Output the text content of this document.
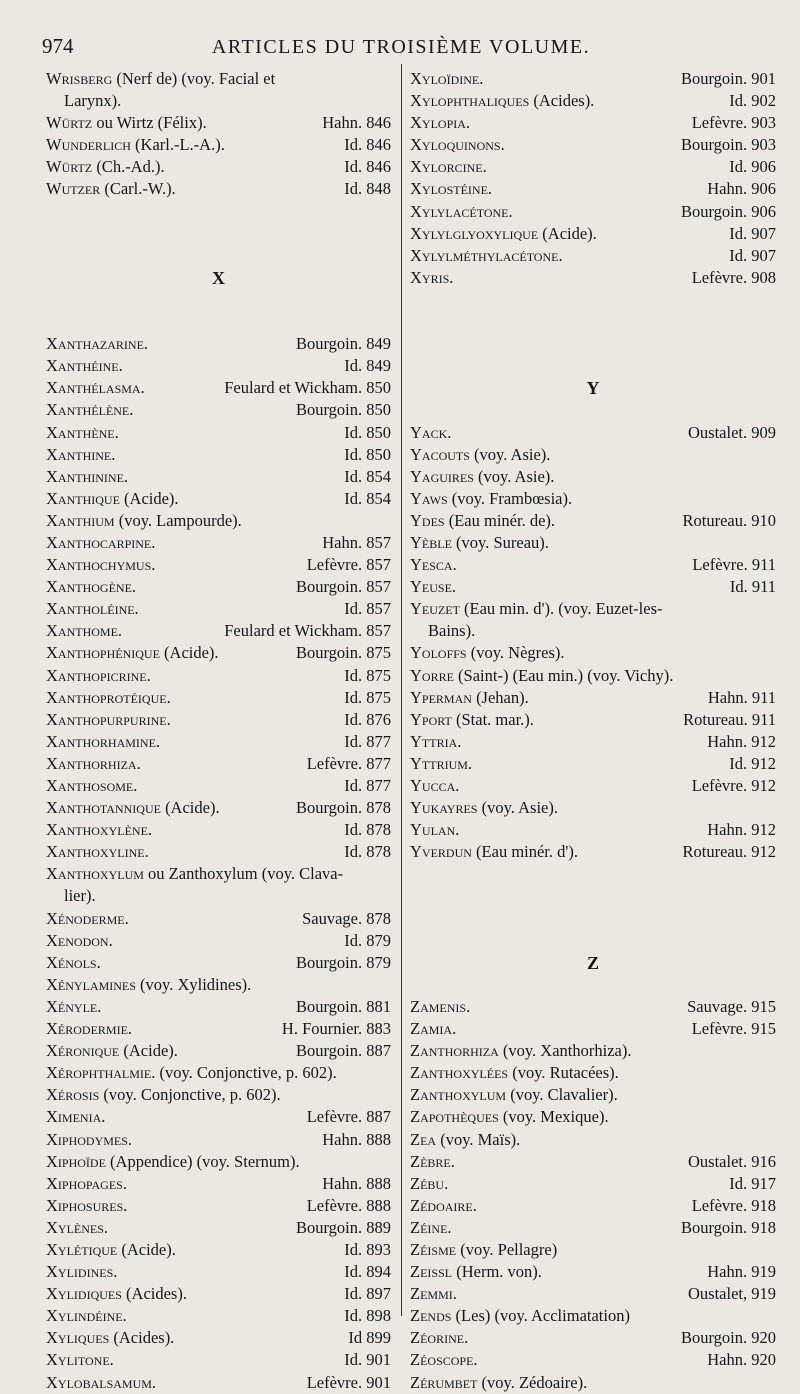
974	ARTICLES DU TROISIÈME VOLUME.
Wrisberg (Nerf de) (voy. Facial et
Larynx).
Würtz ou Wirtz (Félix).	Hahn. 846
Wunderlich (Karl.-L.-A.).	Id. 846
Würtz (Ch.-Ad.).	Id. 846
Wutzer (Carl.-W.).	Id. 848
X
Xanthazarine.	Bourgoin. 849
Xanthéine.	Id. 849
Xanthélasma.	Feulard et Wickham. 850
Xanthélène.	Bourgoin. 850
Xanthène.	Id. 850
Xanthine.	Id. 850
Xanthinine.	Id. 854
Xanthique (Acide).	Id. 854
Xanthium (voy. Lampourde).
Xanthocarpine.	Hahn. 857
Xanthochymus.	Lefèvre. 857
Xanthogène.	Bourgoin. 857
Xantholéine.	Id. 857
Xanthome.	Feulard et Wickham. 857
Xanthophénique (Acide).	Bourgoin. 875
Xanthopicrine.	Id. 875
Xanthoprotéique.	Id. 875
Xanthopurpurine.	Id. 876
Xanthorhamine.	Id. 877
Xanthorhiza.	Lefèvre. 877
Xanthosome.	Id. 877
Xanthotannique (Acide).	Bourgoin. 878
Xanthoxylène.	Id. 878
Xanthoxyline.	Id. 878
Xanthoxylum ou Zanthoxylum (voy. Clava-
lier).
Xénoderme.	Sauvage. 878
Xenodon.	Id. 879
Xénols.	Bourgoin. 879
Xénylamines (voy. Xylidines).
Xényle.	Bourgoin. 881
Xérodermie.	H. Fournier. 883
Xéronique (Acide).	Bourgoin. 887
Xérophthalmie. (voy. Conjonctive, p. 602).
Xérosis (voy. Conjonctive, p. 602).
Ximenia.	Lefèvre. 887
Xiphodymes.	Hahn. 888
Xiphoïde (Appendice) (voy. Sternum).
Xiphopages.	Hahn. 888
Xiphosures.	Lefèvre. 888
Xylènes.	Bourgoin. 889
Xylétique (Acide).	Id. 893
Xylidines.	Id. 894
Xylidiques (Acides).	Id. 897
Xylindéine.	Id. 898
Xyliques (Acides).	Id 899
Xylitone.	Id. 901
Xylobalsamum.	Lefèvre. 901
Xyloïdine.	Bourgoin. 901
Xylophthaliques (Acides).	Id. 902
Xylopia.	Lefèvre. 903
Xyloquinons.	Bourgoin. 903
Xylorcine.	Id. 906
Xylostéine.	Hahn. 906
Xylylacétone.	Bourgoin. 906
Xylylglyoxylique (Acide).	Id. 907
Xylylméthylacétone.	Id. 907
Xyris.	Lefèvre. 908
Y
Yack.	Oustalet. 909
Yacouts (voy. Asie).
Yaguires (voy. Asie).
Yaws (voy. Frambœsia).
Ydes (Eau minér. de).	Rotureau. 910
Yèble (voy. Sureau).
Yesca.	Lefèvre. 911
Yeuse.	Id. 911
Yeuzet (Eau min. d'). (voy. Euzet-les-
Bains).
Yoloffs (voy. Nègres).
Yorre (Saint-) (Eau min.) (voy. Vichy).
Yperman (Jehan).	Hahn. 911
Yport (Stat. mar.).	Rotureau. 911
Yttria.	Hahn. 912
Yttrium.	Id. 912
Yucca.	Lefèvre. 912
Yukayres (voy. Asie).
Yulan.	Hahn. 912
Yverdun (Eau minér. d').	Rotureau. 912
Z
Zamenis.	Sauvage. 915
Zamia.	Lefèvre. 915
Zanthorhiza (voy. Xanthorhiza).
Zanthoxylées (voy. Rutacées).
Zanthoxylum (voy. Clavalier).
Zapothèques (voy. Mexique).
Zea (voy. Maïs).
Zèbre.	Oustalet. 916
Zébu.	Id. 917
Zédoaire.	Lefèvre. 918
Zéine.	Bourgoin. 918
Zéisme (voy. Pellagre)
Zeissl (Herm. von).	Hahn. 919
Zemmi.	Oustalet, 919
Zends (Les) (voy. Acclimatation)
Zéorine.	Bourgoin. 920
Zéoscope.	Hahn. 920
Zérumbet (voy. Zédoaire).
